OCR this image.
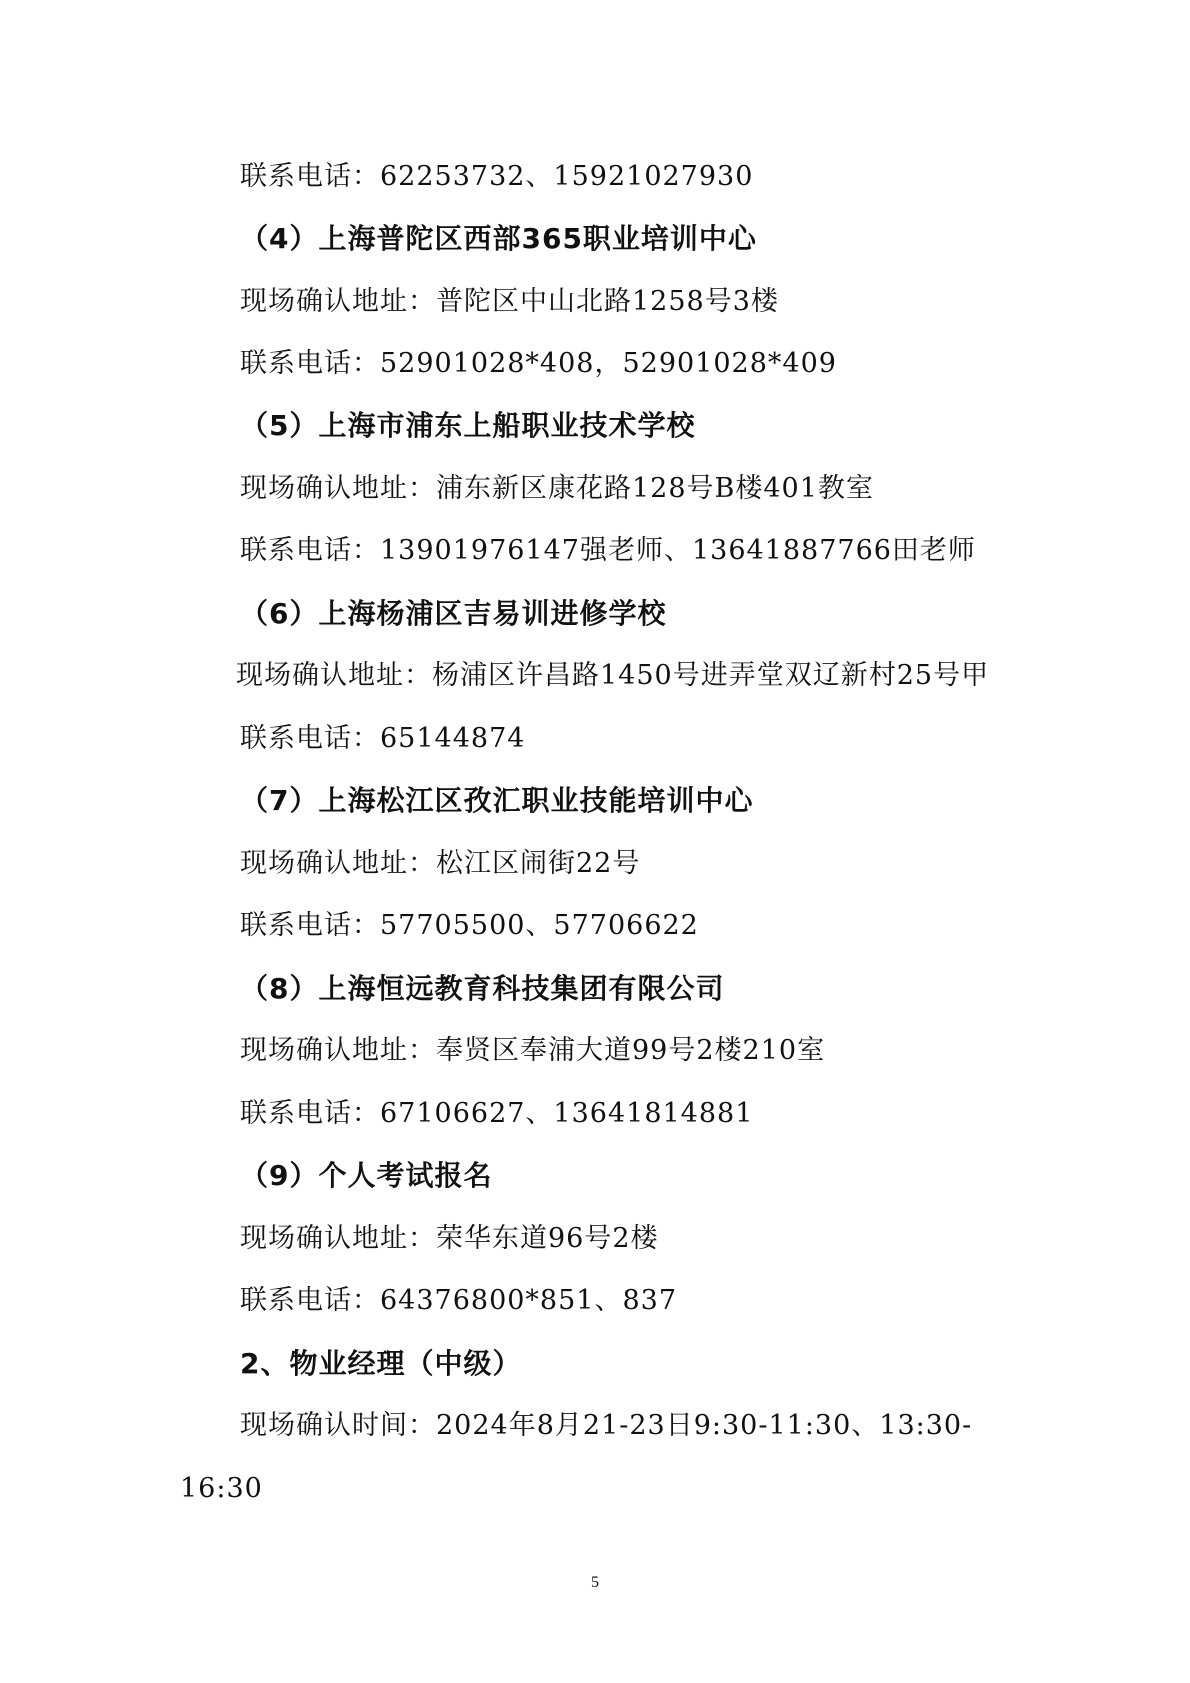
联系电话：62253732、15921027930
（4）上海普陀区西部365职业培训中心
现场确认地址：普陀区中山北路1258号3楼
联系电话：52901028*408，52901028*409
（5）上海市浦东上船职业技术学校
现场确认地址：浦东新区康花路128号B楼401教室
联系电话：13901976147强老师、13641887766田老师
（6）上海杨浦区吉易训进修学校
现场确认地址：杨浦区许昌路1450号进弄堂双辽新村25号甲
联系电话：65144874
（7）上海松江区孜汇职业技能培训中心
现场确认地址：松江区闹街22号
联系电话：57705500、57706622
（8）上海恒远教育科技集团有限公司
现场确认地址：奉贤区奉浦大道99号2楼210室
联系电话：67106627、13641814881
（9）个人考试报名
现场确认地址：荣华东道96号2楼
联系电话：64376800*851、837
2、物业经理（中级）
现场确认时间：2024年8月21-23日9:30-11:30、13:30-
16:30
5
